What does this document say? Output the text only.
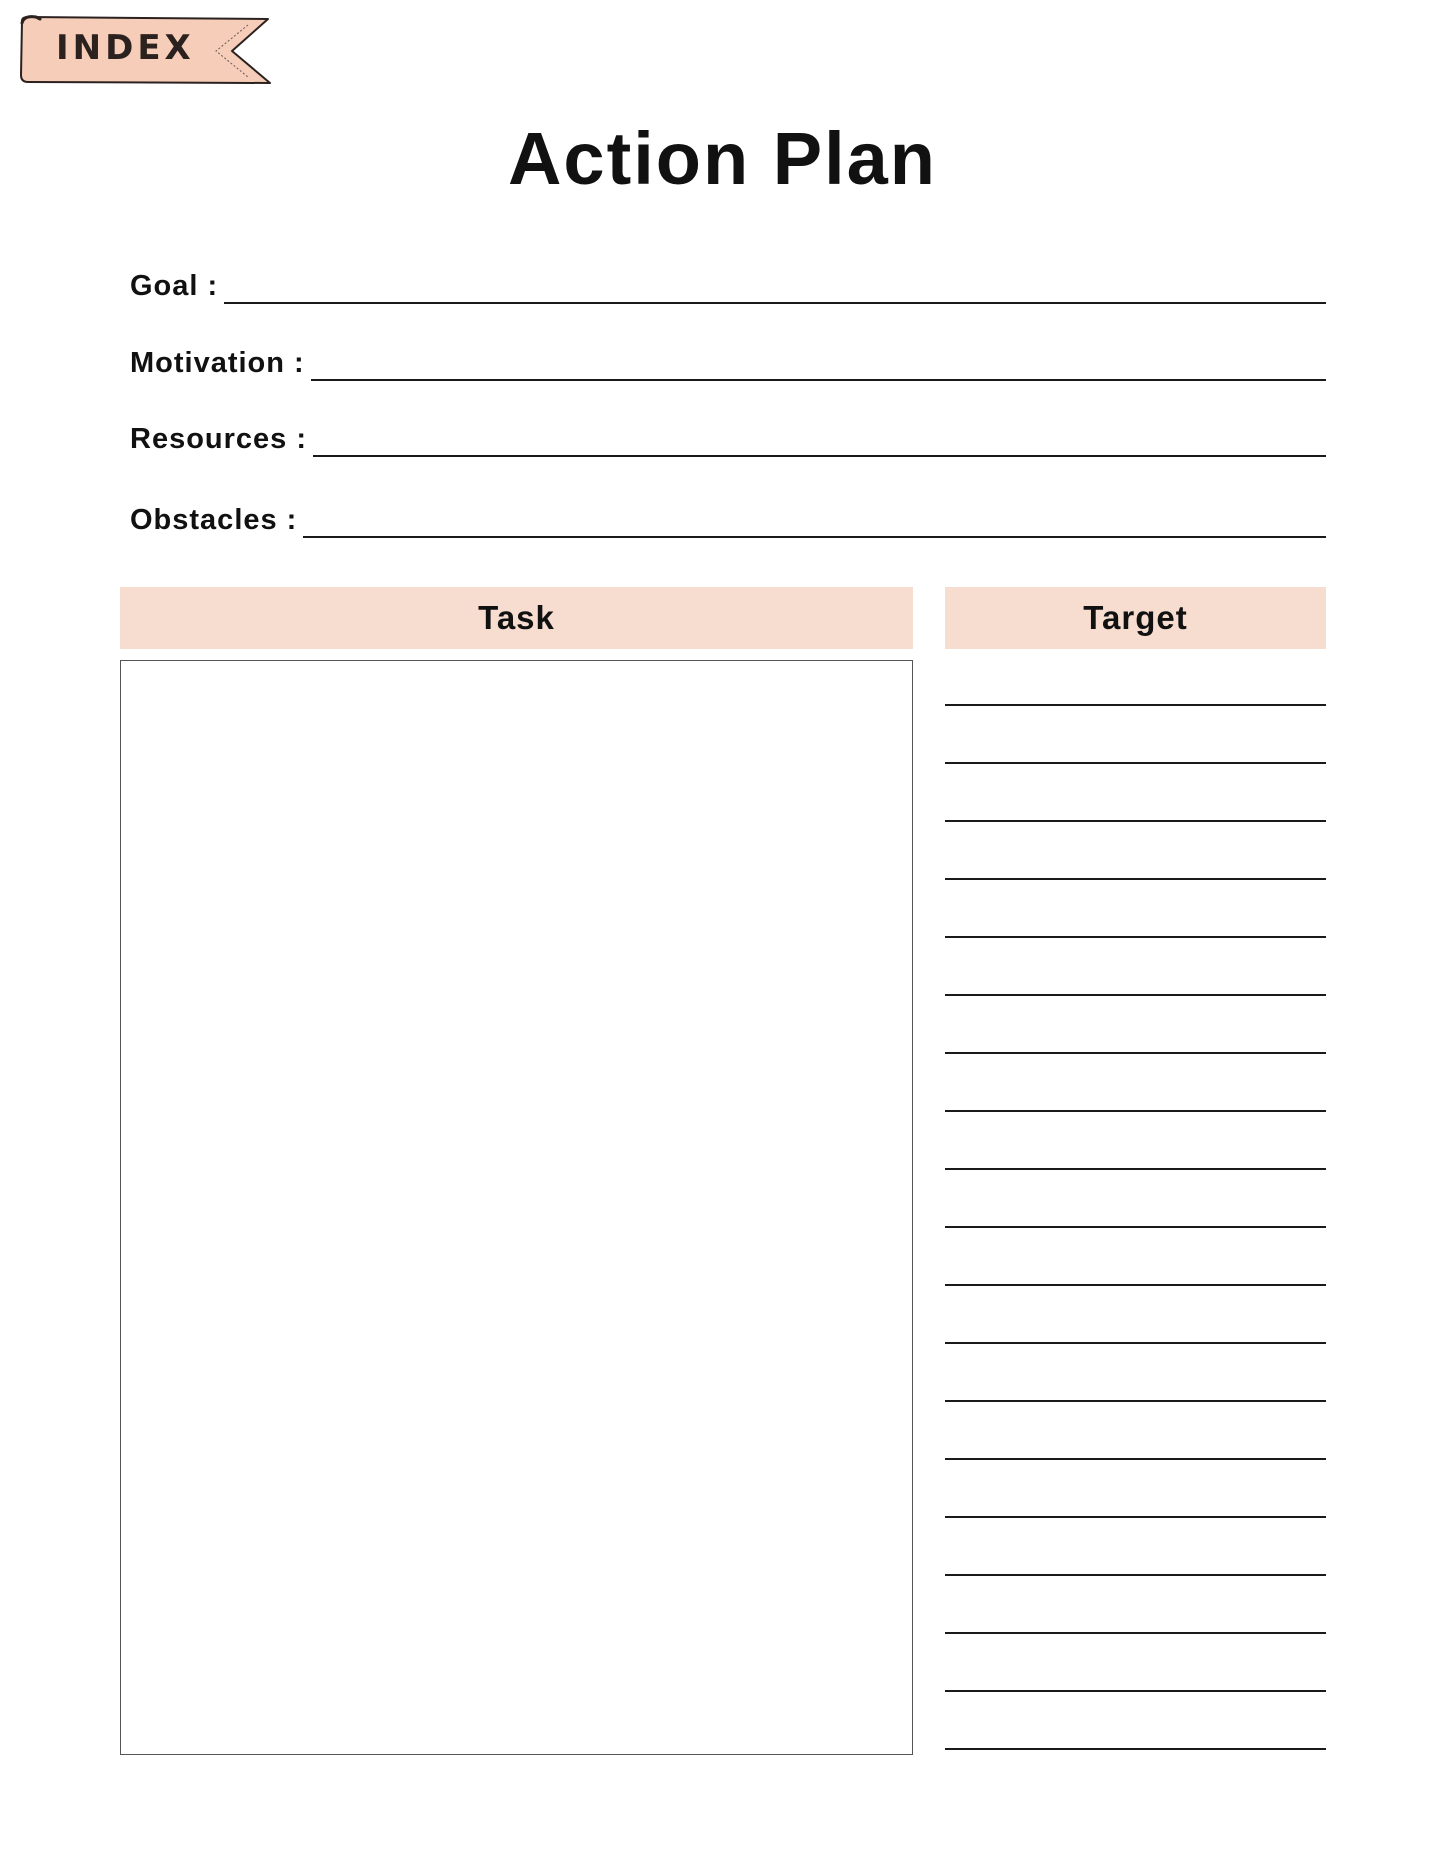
INDEX
Action Plan
Goal :
Motivation :
Resources :
Obstacles :
Task	Target
